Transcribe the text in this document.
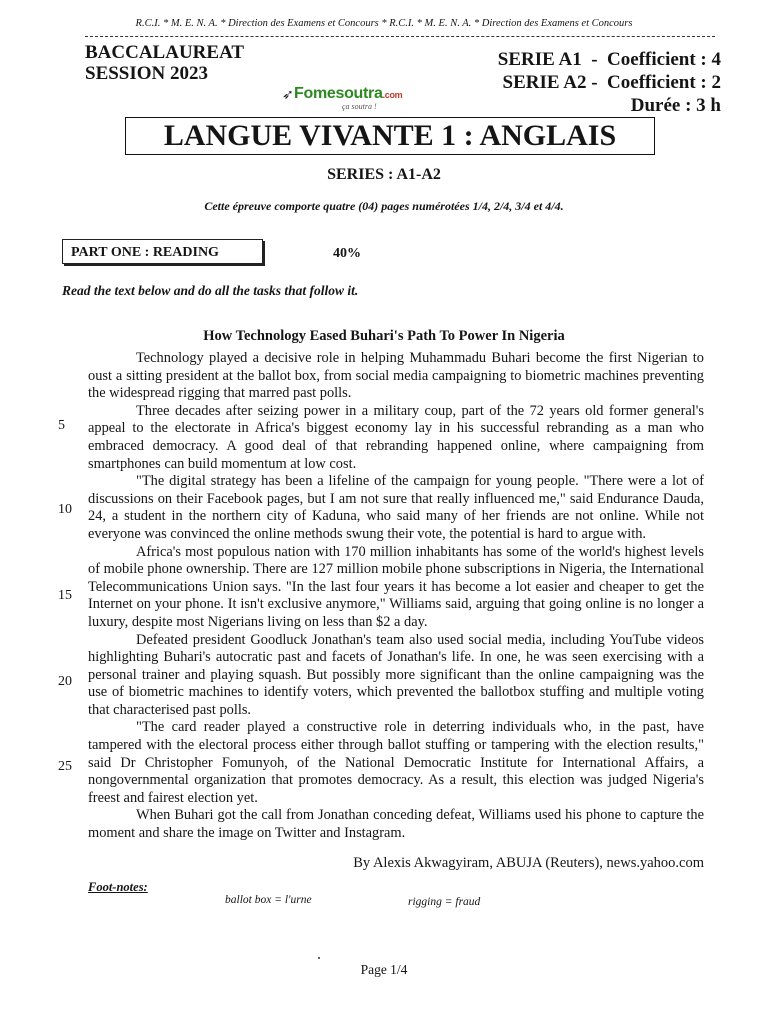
R.C.I. * M. E. N. A. * Direction des Examens et Concours * R.C.I. * M. E. N. A. * Direction des Examens et Concours
BACCALAUREAT
SESSION 2023
SERIE A1  -  Coefficient : 4
SERIE A2 -  Coefficient : 2
Durée : 3 h
➶ Fomesoutra.com
ça soutra !
LANGUE VIVANTE 1 : ANGLAIS
SERIES : A1-A2
Cette épreuve comporte quatre (04) pages numérotées 1/4, 2/4, 3/4 et 4/4.
PART ONE : READING	40%
Read the text below and do all the tasks that follow it.
How Technology Eased Buhari's Path To Power In Nigeria

Technology played a decisive role in helping Muhammadu Buhari become the first Nigerian to oust a sitting president at the ballot box, from social media campaigning to biometric machines preventing the widespread rigging that marred past polls.

Three decades after seizing power in a military coup, part of the 72 years old former general's appeal to the electorate in Africa's biggest economy lay in his successful rebranding as a man who embraced democracy. A good deal of that rebranding happened online, where campaigning from smartphones can build momentum at low cost.

"The digital strategy has been a lifeline of the campaign for young people. "There were a lot of discussions on their Facebook pages, but I am not sure that really influenced me," said Endurance Dauda, 24, a student in the northern city of Kaduna, who said many of her friends are not online. While not everyone was convinced the online methods swung their vote, the potential is hard to argue with.

Africa's most populous nation with 170 million inhabitants has some of the world's highest levels of mobile phone ownership. There are 127 million mobile phone subscriptions in Nigeria, the International Telecommunications Union says. "In the last four years it has become a lot easier and cheaper to get the Internet on your phone. It isn't exclusive anymore," Williams said, arguing that going online is no longer a luxury, despite most Nigerians living on less than $2 a day.

Defeated president Goodluck Jonathan's team also used social media, including YouTube videos highlighting Buhari's autocratic past and facets of Jonathan's life. In one, he was seen exercising with a personal trainer and playing squash. But possibly more significant than the online campaigning was the use of biometric machines to identify voters, which prevented the ballotbox stuffing and multiple voting that characterised past polls.

"The card reader played a constructive role in deterring individuals who, in the past, have tampered with the electoral process either through ballot stuffing or tampering with the election results," said Dr Christopher Fomunyoh, of the National Democratic Institute for International Affairs, a nongovernmental organization that promotes democracy. As a result, this election was judged Nigeria's freest and fairest election yet.

When Buhari got the call from Jonathan conceding defeat, Williams used his phone to capture the moment and share the image on Twitter and Instagram.

5
10
15
20
25
By Alexis Akwagyiram, ABUJA (Reuters), news.yahoo.com
Foot-notes:
ballot box = l'urne	rigging = fraud
Page 1/4
